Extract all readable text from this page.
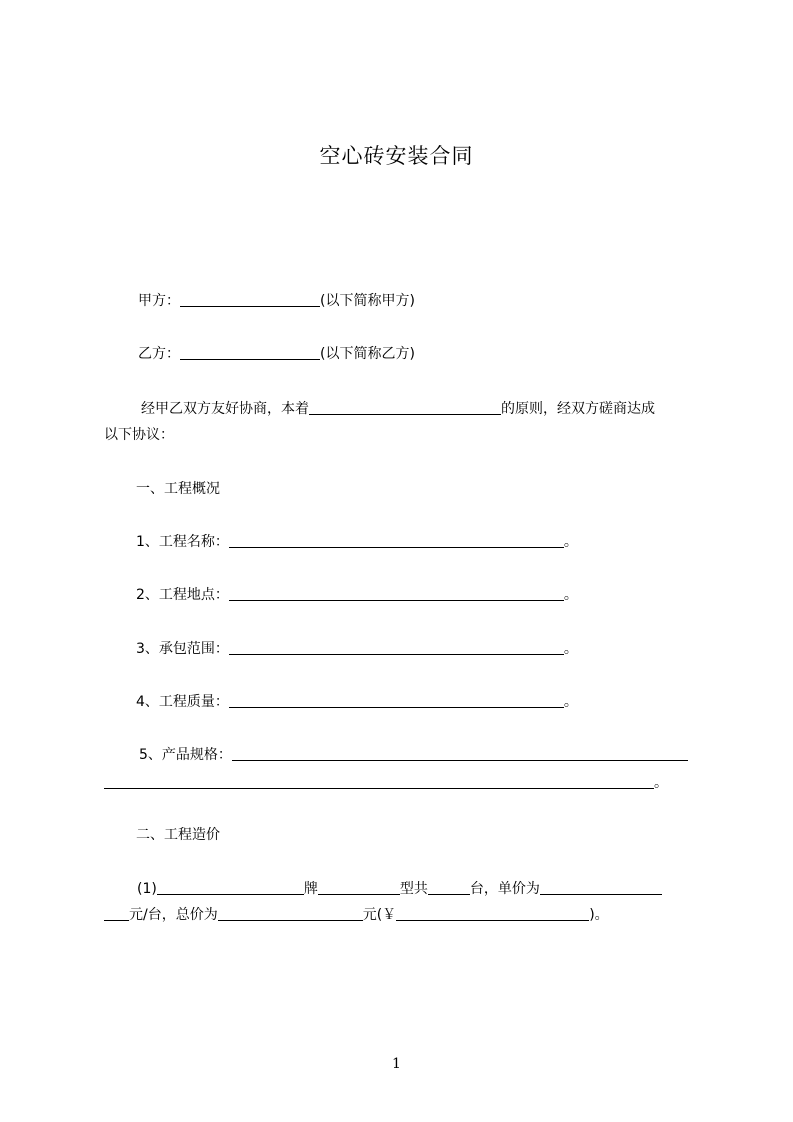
空心砖安装合同
甲方：	(以下简称甲方)
乙方：	(以下简称乙方)
经甲乙双方友好协商，本着	的原则，经双方磋商达成
以下协议：
一、工程概况
1、工程名称：	。
2、工程地点：	。
3、承包范围：	。
4、工程质量：	。
5、产品规格：
。
二、工程造价
(1)	牌	型共	台，单价为
元/台，总价为	元(￥	)。
1
